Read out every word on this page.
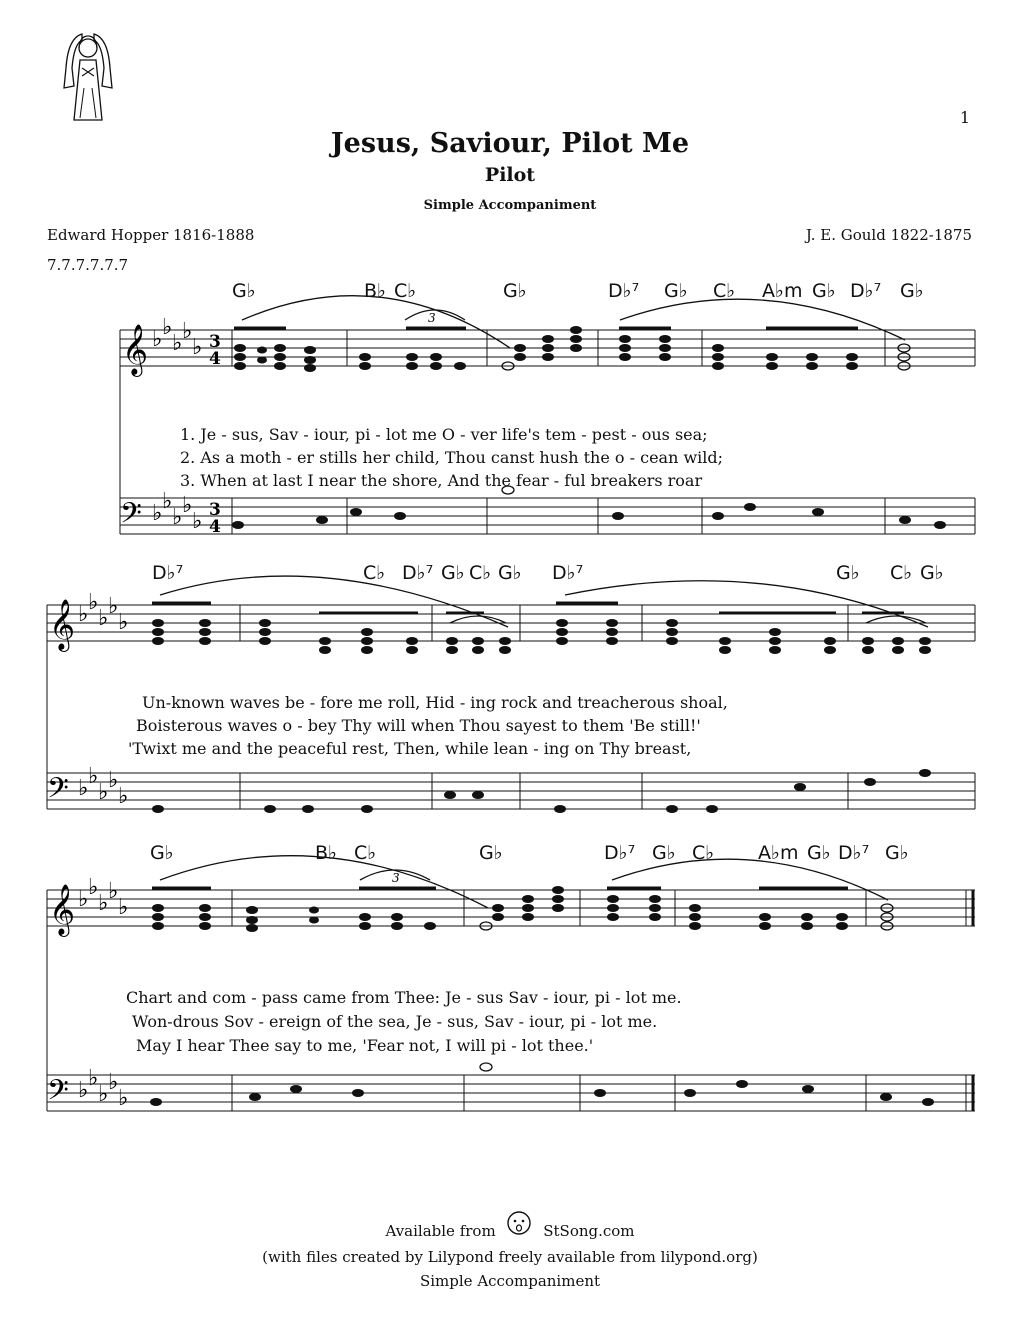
1
Jesus, Saviour, Pilot Me
Pilot
Simple Accompaniment
Edward Hopper 1816-1888	J. E. Gould 1822-1875
7.7.7.7.7.7
G♭	B♭ C♭	G♭	D♭⁷ G♭ C♭ A♭m G♭ D♭⁷ G♭
𝄞
𝄢
♭ ♭
♭ ♭
♭
♭ ♭
♭ ♭
♭
3
4
3
4
3
1. Je - sus, Sav - iour, pi - lot me O - ver life's tem - pest - ous sea;
2. As a moth - er stills her child, Thou canst hush the o - cean wild;
3. When at last I near the shore, And the fear - ful breakers roar
D♭⁷	C♭ D♭⁷ G♭ C♭ G♭ D♭⁷	G♭ C♭ G♭
𝄞
𝄢
♭ ♭
♭ ♭
♭
♭ ♭
♭ ♭
♭
Un-known waves be - fore me roll, Hid - ing rock and treacherous shoal,
Boisterous waves o - bey Thy will when Thou sayest to them 'Be still!'
'Twixt me and the peaceful rest, Then, while lean - ing on Thy breast,
G♭	B♭ C♭	G♭	D♭⁷ G♭ C♭ A♭m G♭ D♭⁷ G♭
𝄞
𝄢
♭ ♭
♭ ♭
♭
♭ ♭
♭ ♭
♭
3
Chart and com - pass came from Thee: Je - sus Sav - iour, pi - lot me.
Won-drous Sov - ereign of the sea, Je - sus, Sav - iour, pi - lot me.
May I hear Thee say to me, 'Fear not, I will pi - lot thee.'
Available from	StSong.com
(with files created by Lilypond freely available from lilypond.org)
Simple Accompaniment
